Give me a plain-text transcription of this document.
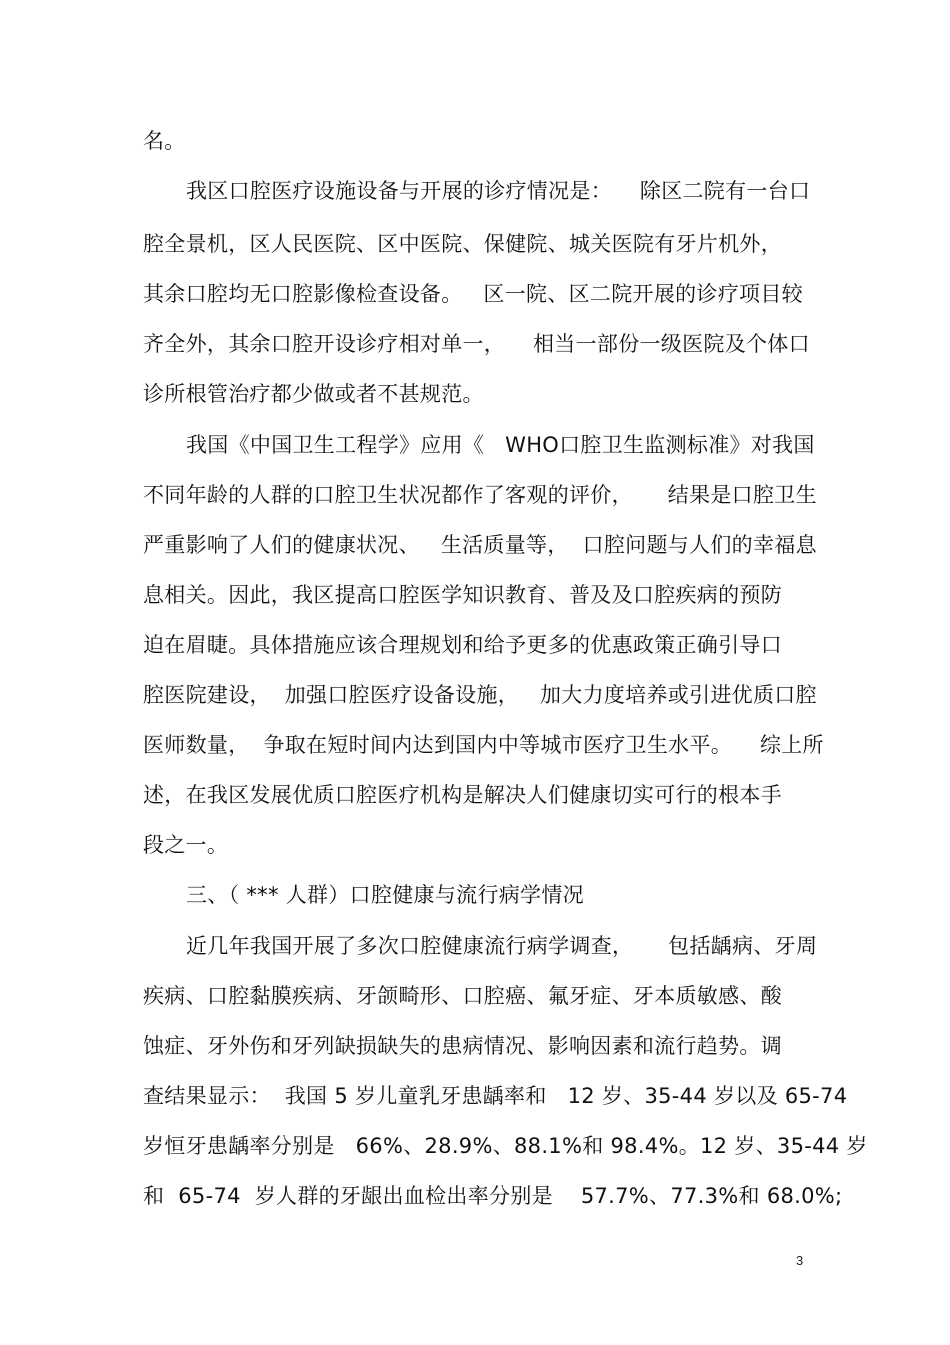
名。
我区口腔医疗设施设备与开展的诊疗情况是：    除区二院有一台口
腔全景机，区人民医院、区中医院、保健院、城关医院有牙片机外，
其余口腔均无口腔影像检查设备。   区一院、区二院开展的诊疗项目较
齐全外，其余口腔开设诊疗相对单一，    相当一部份一级医院及个体口
诊所根管治疗都少做或者不甚规范。
我国《中国卫生工程学》应用《   WHO口腔卫生监测标准》对我国
不同年龄的人群的口腔卫生状况都作了客观的评价，     结果是口腔卫生
严重影响了人们的健康状况、   生活质量等，  口腔问题与人们的幸福息
息相关。因此，我区提高口腔医学知识教育、普及及口腔疾病的预防
迫在眉睫。具体措施应该合理规划和给予更多的优惠政策正确引导口
腔医院建设，  加强口腔医疗设备设施，   加大力度培养或引进优质口腔
医师数量，  争取在短时间内达到国内中等城市医疗卫生水平。    综上所
述，在我区发展优质口腔医疗机构是解决人们健康切实可行的根本手
段之一。
三、（ *** 人群）口腔健康与流行病学情况
近几年我国开展了多次口腔健康流行病学调查，     包括龋病、牙周
疾病、口腔黏膜疾病、牙颌畸形、口腔癌、氟牙症、牙本质敏感、酸
蚀症、牙外伤和牙列缺损缺失的患病情况、影响因素和流行趋势。调
查结果显示：  我国 5 岁儿童乳牙患龋率和   12 岁、35-44 岁以及 65-74
岁恒牙患龋率分别是   66%、28.9%、88.1%和 98.4%。12 岁、35-44 岁
和  65-74  岁人群的牙龈出血检出率分别是    57.7%、77.3%和 68.0%;
3
